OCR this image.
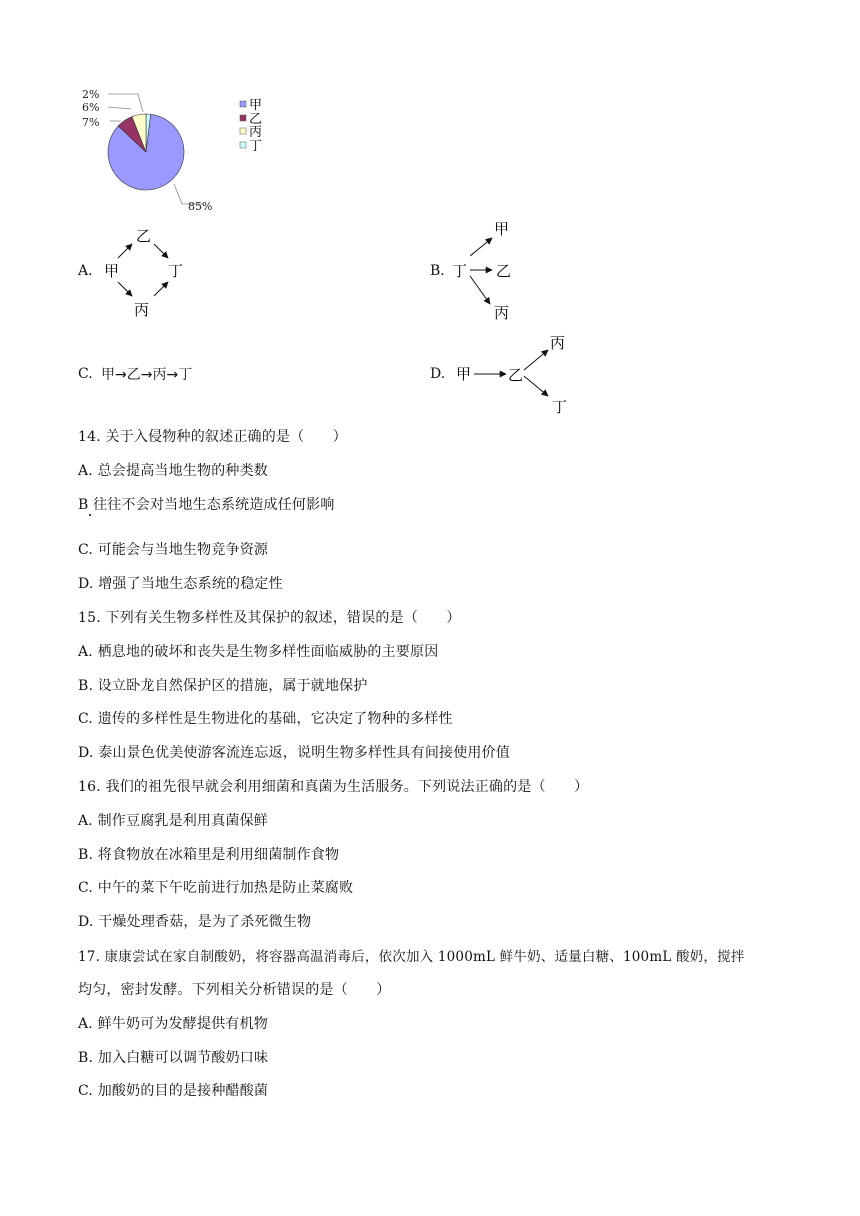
85%
7%
6%
2%
甲
乙
丙
丁
A. 甲
乙
丙
丁	B. 丁
甲
乙
丙
C. 甲→乙→丙→丁	D. 甲 乙
丙
丁
14. 关于入侵物种的叙述正确的是（　　）
A. 总会提高当地生物的种类数
B 往往不会对当地生态系统造成任何影响
C. 可能会与当地生物竞争资源
D. 增强了当地生态系统的稳定性
15. 下列有关生物多样性及其保护的叙述，错误的是（　　）
A. 栖息地的破坏和丧失是生物多样性面临威胁的主要原因
B. 设立卧龙自然保护区的措施，属于就地保护
C. 遗传的多样性是生物进化的基础，它决定了物种的多样性
D. 泰山景色优美使游客流连忘返，说明生物多样性具有间接使用价值
16. 我们的祖先很早就会利用细菌和真菌为生活服务。下列说法正确的是（　　）
A. 制作豆腐乳是利用真菌保鲜
B. 将食物放在冰箱里是利用细菌制作食物
C. 中午的菜下午吃前进行加热是防止菜腐败
D. 干燥处理香菇，是为了杀死微生物
17. 康康尝试在家自制酸奶，将容器高温消毒后，依次加入 1000mL 鲜牛奶、适量白糖、100mL 酸奶，搅拌
均匀，密封发酵。下列相关分析错误的是（　　）
A. 鲜牛奶可为发酵提供有机物
B. 加入白糖可以调节酸奶口味
C. 加酸奶的目的是接种醋酸菌
